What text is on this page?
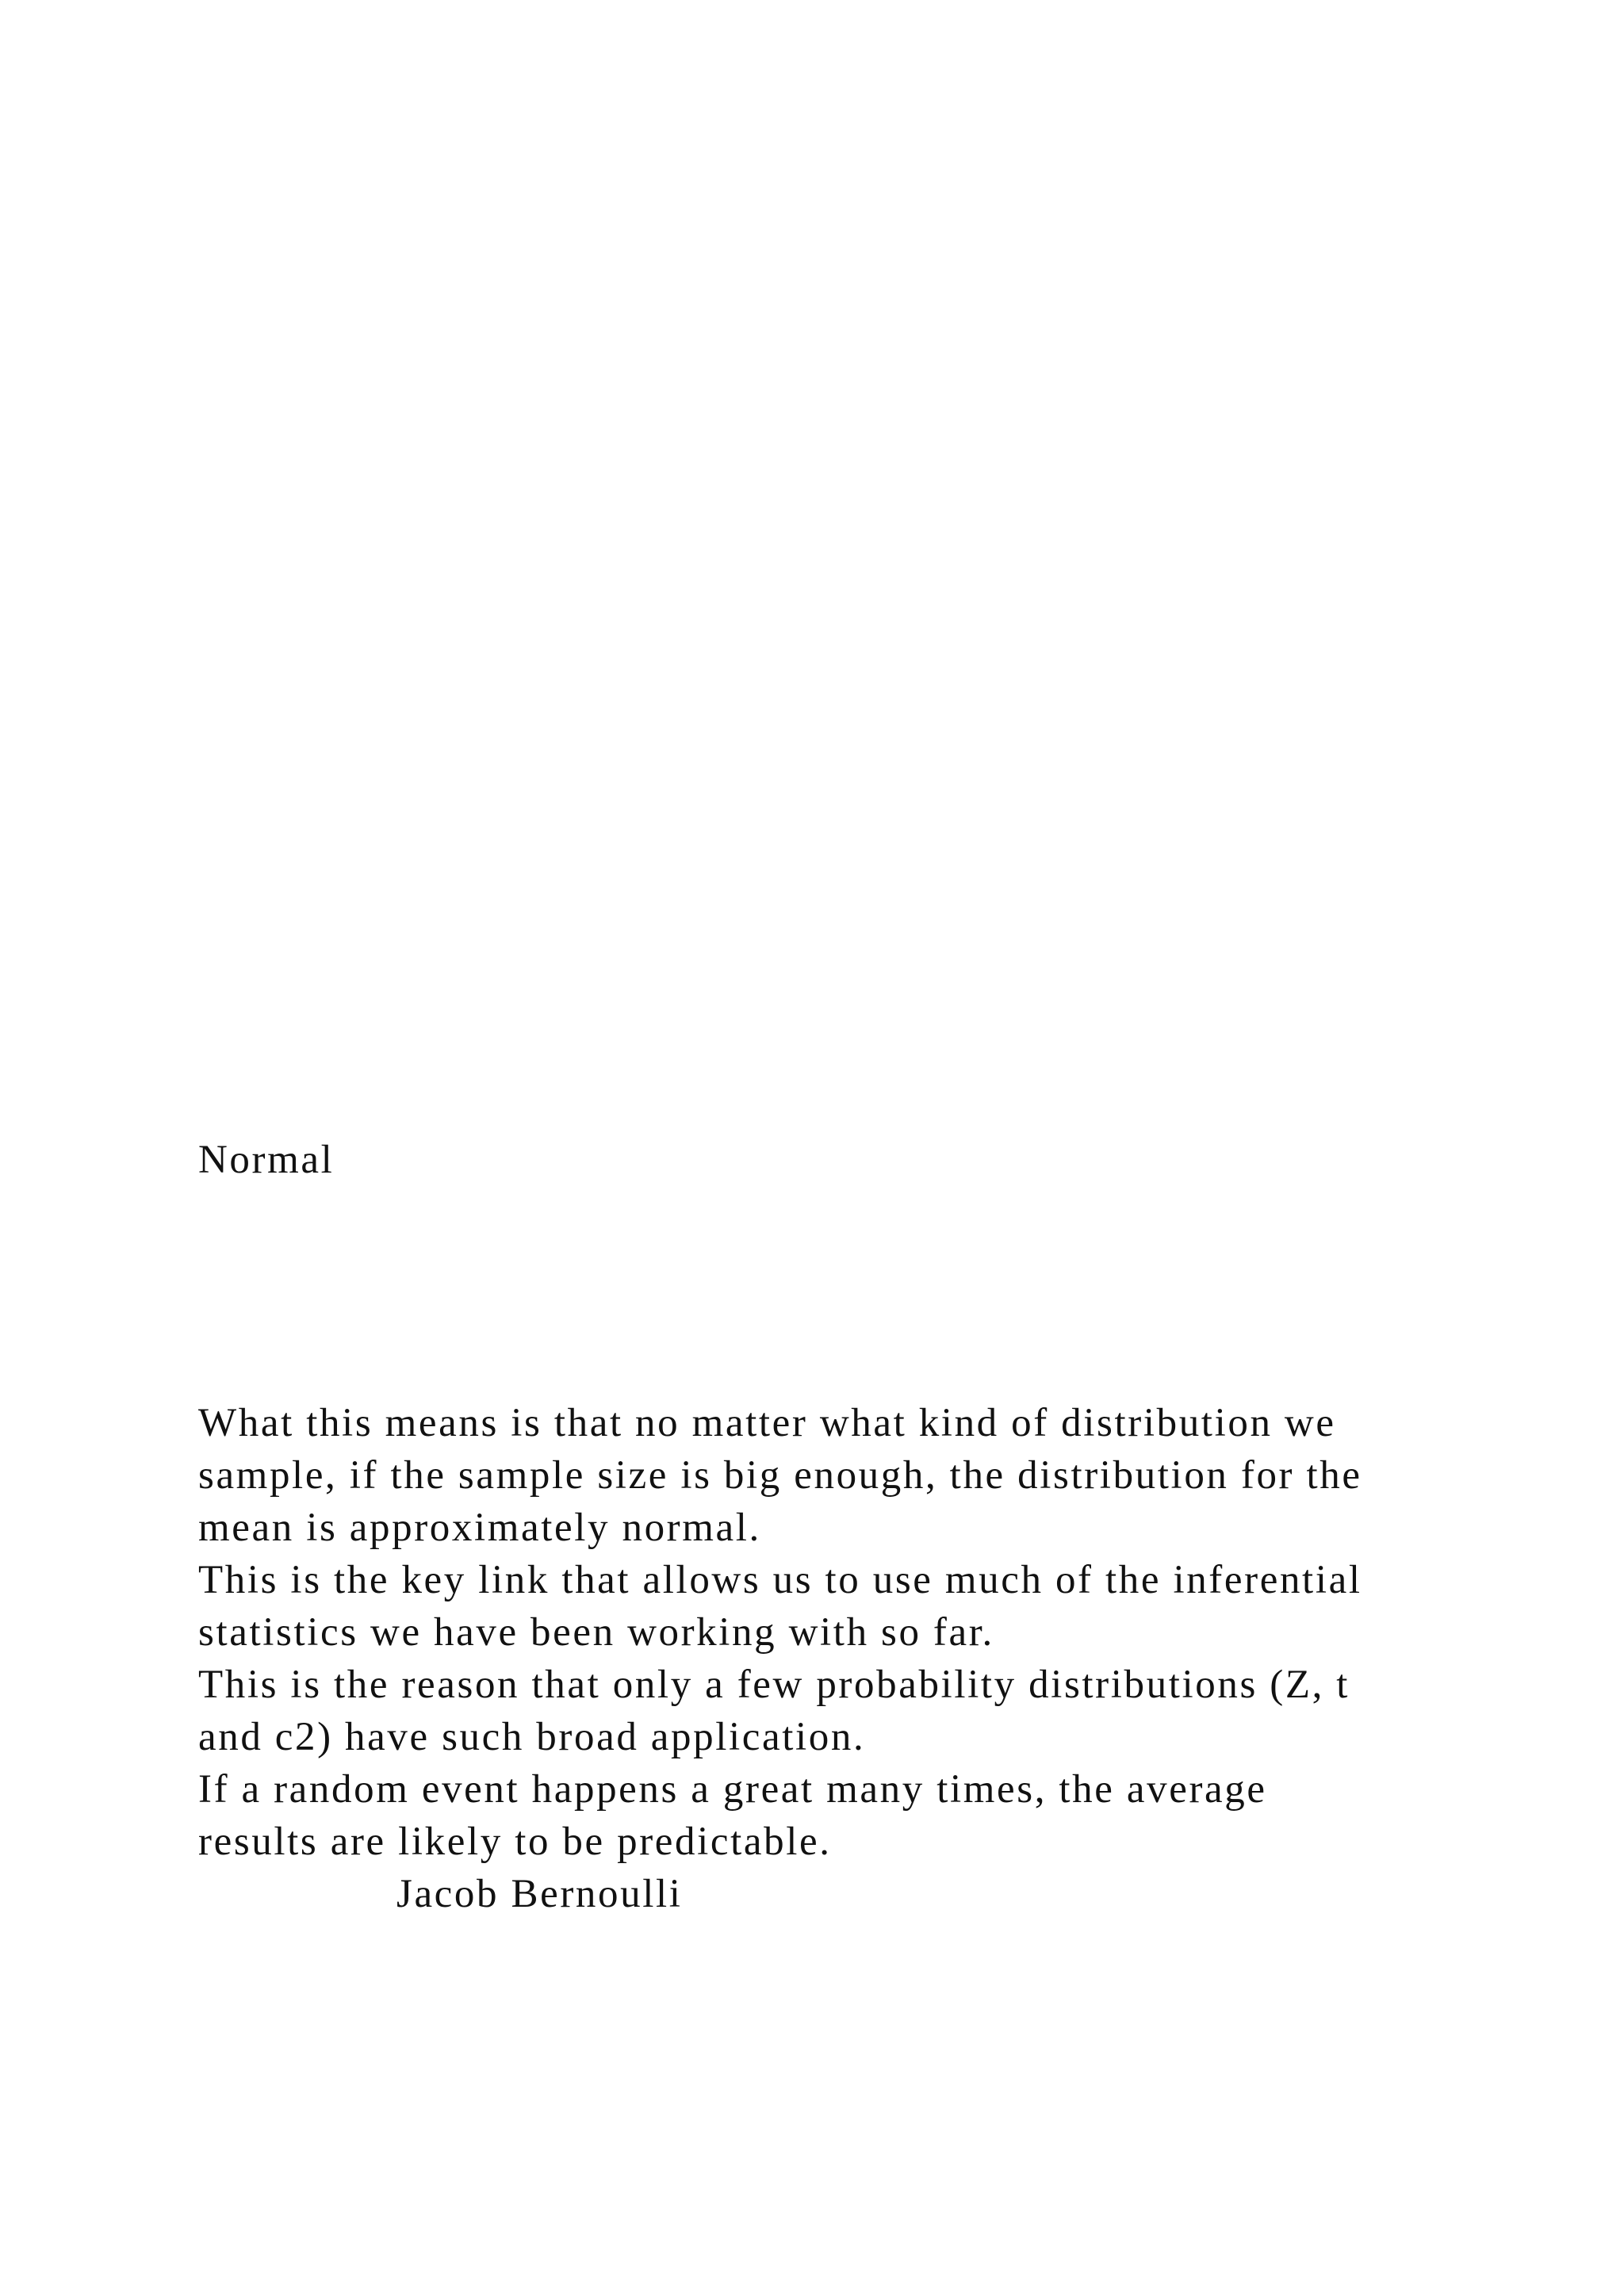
Normal

What this means is that no matter what kind of distribution we

sample, if the sample size is big enough, the distribution for the

mean is approximately normal.

This is the key link that allows us to use much of the inferential

statistics we have been working with so far.

This is the reason that only a few probability distributions (Z, t

and c2) have such broad application.

If a random event happens a great many times, the average

results are likely to be predictable.

Jacob Bernoulli
